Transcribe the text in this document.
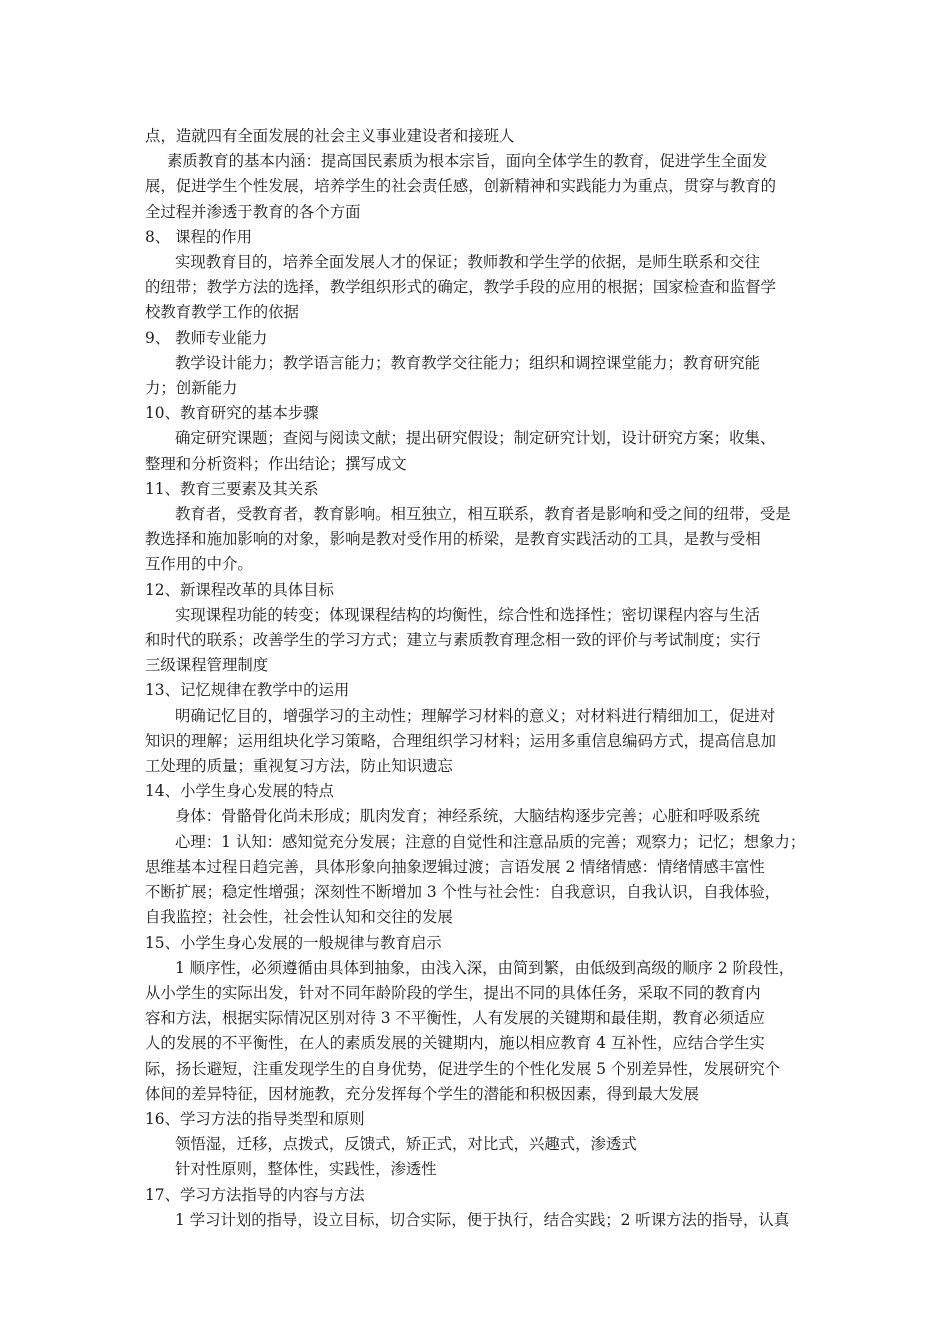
点，造就四有全面发展的社会主义事业建设者和接班人
素质教育的基本内涵：提高国民素质为根本宗旨，面向全体学生的教育，促进学生全面发
展，促进学生个性发展，培养学生的社会责任感，创新精神和实践能力为重点，贯穿与教育的
全过程并渗透于教育的各个方面
8、 课程的作用
实现教育目的，培养全面发展人才的保证；教师教和学生学的依据，是师生联系和交往
的纽带；教学方法的选择，教学组织形式的确定，教学手段的应用的根据；国家检查和监督学
校教育教学工作的依据
9、 教师专业能力
教学设计能力；教学语言能力；教育教学交往能力；组织和调控课堂能力；教育研究能
力；创新能力
10、教育研究的基本步骤
确定研究课题；查阅与阅读文献；提出研究假设；制定研究计划，设计研究方案；收集、
整理和分析资料；作出结论；撰写成文
11、教育三要素及其关系
教育者，受教育者，教育影响。相互独立，相互联系，教育者是影响和受之间的纽带，受是
教选择和施加影响的对象，影响是教对受作用的桥梁，是教育实践活动的工具，是教与受相
互作用的中介。
12、新课程改革的具体目标
实现课程功能的转变；体现课程结构的均衡性，综合性和选择性；密切课程内容与生活
和时代的联系；改善学生的学习方式；建立与素质教育理念相一致的评价与考试制度；实行
三级课程管理制度
13、记忆规律在教学中的运用
明确记忆目的，增强学习的主动性；理解学习材料的意义；对材料进行精细加工，促进对
知识的理解；运用组块化学习策略，合理组织学习材料；运用多重信息编码方式，提高信息加
工处理的质量；重视复习方法，防止知识遗忘
14、小学生身心发展的特点
身体：骨骼骨化尚未形成；肌肉发育；神经系统，大脑结构逐步完善；心脏和呼吸系统
心理：1 认知：感知觉充分发展；注意的自觉性和注意品质的完善；观察力；记忆；想象力；
思维基本过程日趋完善，具体形象向抽象逻辑过渡；言语发展 2 情绪情感：情绪情感丰富性
不断扩展；稳定性增强；深刻性不断增加 3 个性与社会性：自我意识，自我认识，自我体验，
自我监控；社会性，社会性认知和交往的发展
15、小学生身心发展的一般规律与教育启示
1 顺序性，必须遵循由具体到抽象，由浅入深，由简到繁，由低级到高级的顺序 2 阶段性，
从小学生的实际出发，针对不同年龄阶段的学生，提出不同的具体任务，采取不同的教育内
容和方法，根据实际情况区别对待 3 不平衡性，人有发展的关键期和最佳期，教育必须适应
人的发展的不平衡性，在人的素质发展的关键期内，施以相应教育 4 互补性，应结合学生实
际，扬长避短，注重发现学生的自身优势，促进学生的个性化发展 5 个别差异性，发展研究个
体间的差异特征，因材施教，充分发挥每个学生的潜能和积极因素，得到最大发展
16、学习方法的指导类型和原则
领悟湿，迁移，点拨式，反馈式，矫正式，对比式，兴趣式，渗透式
针对性原则，整体性，实践性，渗透性
17、学习方法指导的内容与方法
1 学习计划的指导，设立目标，切合实际，便于执行，结合实践；2 听课方法的指导，认真
